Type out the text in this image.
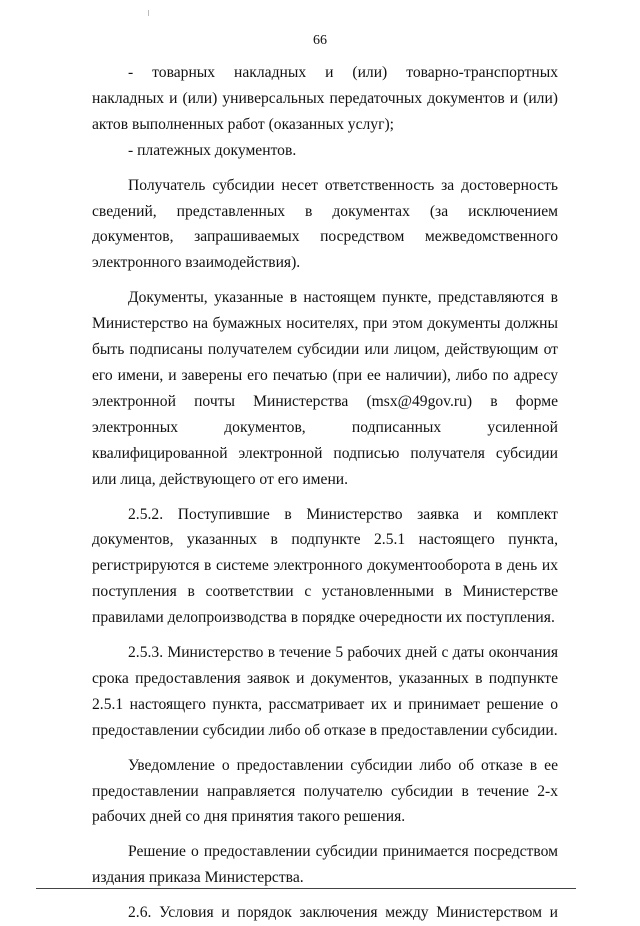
66

- товарных накладных и (или) товарно-транспортных накладных и (или) универсальных передаточных документов и (или) актов выполненных работ (оказанных услуг);

- платежных документов.

Получатель субсидии несет ответственность за достоверность сведений, представленных в документах (за исключением документов, запрашиваемых посредством межведомственного электронного взаимодействия).

Документы, указанные в настоящем пункте, представляются в Министерство на бумажных носителях, при этом документы должны быть подписаны получателем субсидии или лицом, действующим от его имени, и заверены его печатью (при ее наличии), либо по адресу электронной почты Министерства (msx@49gov.ru) в форме электронных документов, подписанных усиленной квалифицированной электронной подписью получателя субсидии или лица, действующего от его имени.

2.5.2. Поступившие в Министерство заявка и комплект документов, указанных в подпункте 2.5.1 настоящего пункта, регистрируются в системе электронного документооборота в день их поступления в соответствии с установленными в Министерстве правилами делопроизводства в порядке очередности их поступления.

2.5.3. Министерство в течение 5 рабочих дней с даты окончания срока предоставления заявок и документов, указанных в подпункте 2.5.1 настоящего пункта, рассматривает их и принимает решение о предоставлении субсидии либо об отказе в предоставлении субсидии.

Уведомление о предоставлении субсидии либо об отказе в ее предоставлении направляется получателю субсидии в течение 2-х рабочих дней со дня принятия такого решения.

Решение о предоставлении субсидии принимается посредством издания приказа Министерства.

2.6. Условия и порядок заключения между Министерством и
